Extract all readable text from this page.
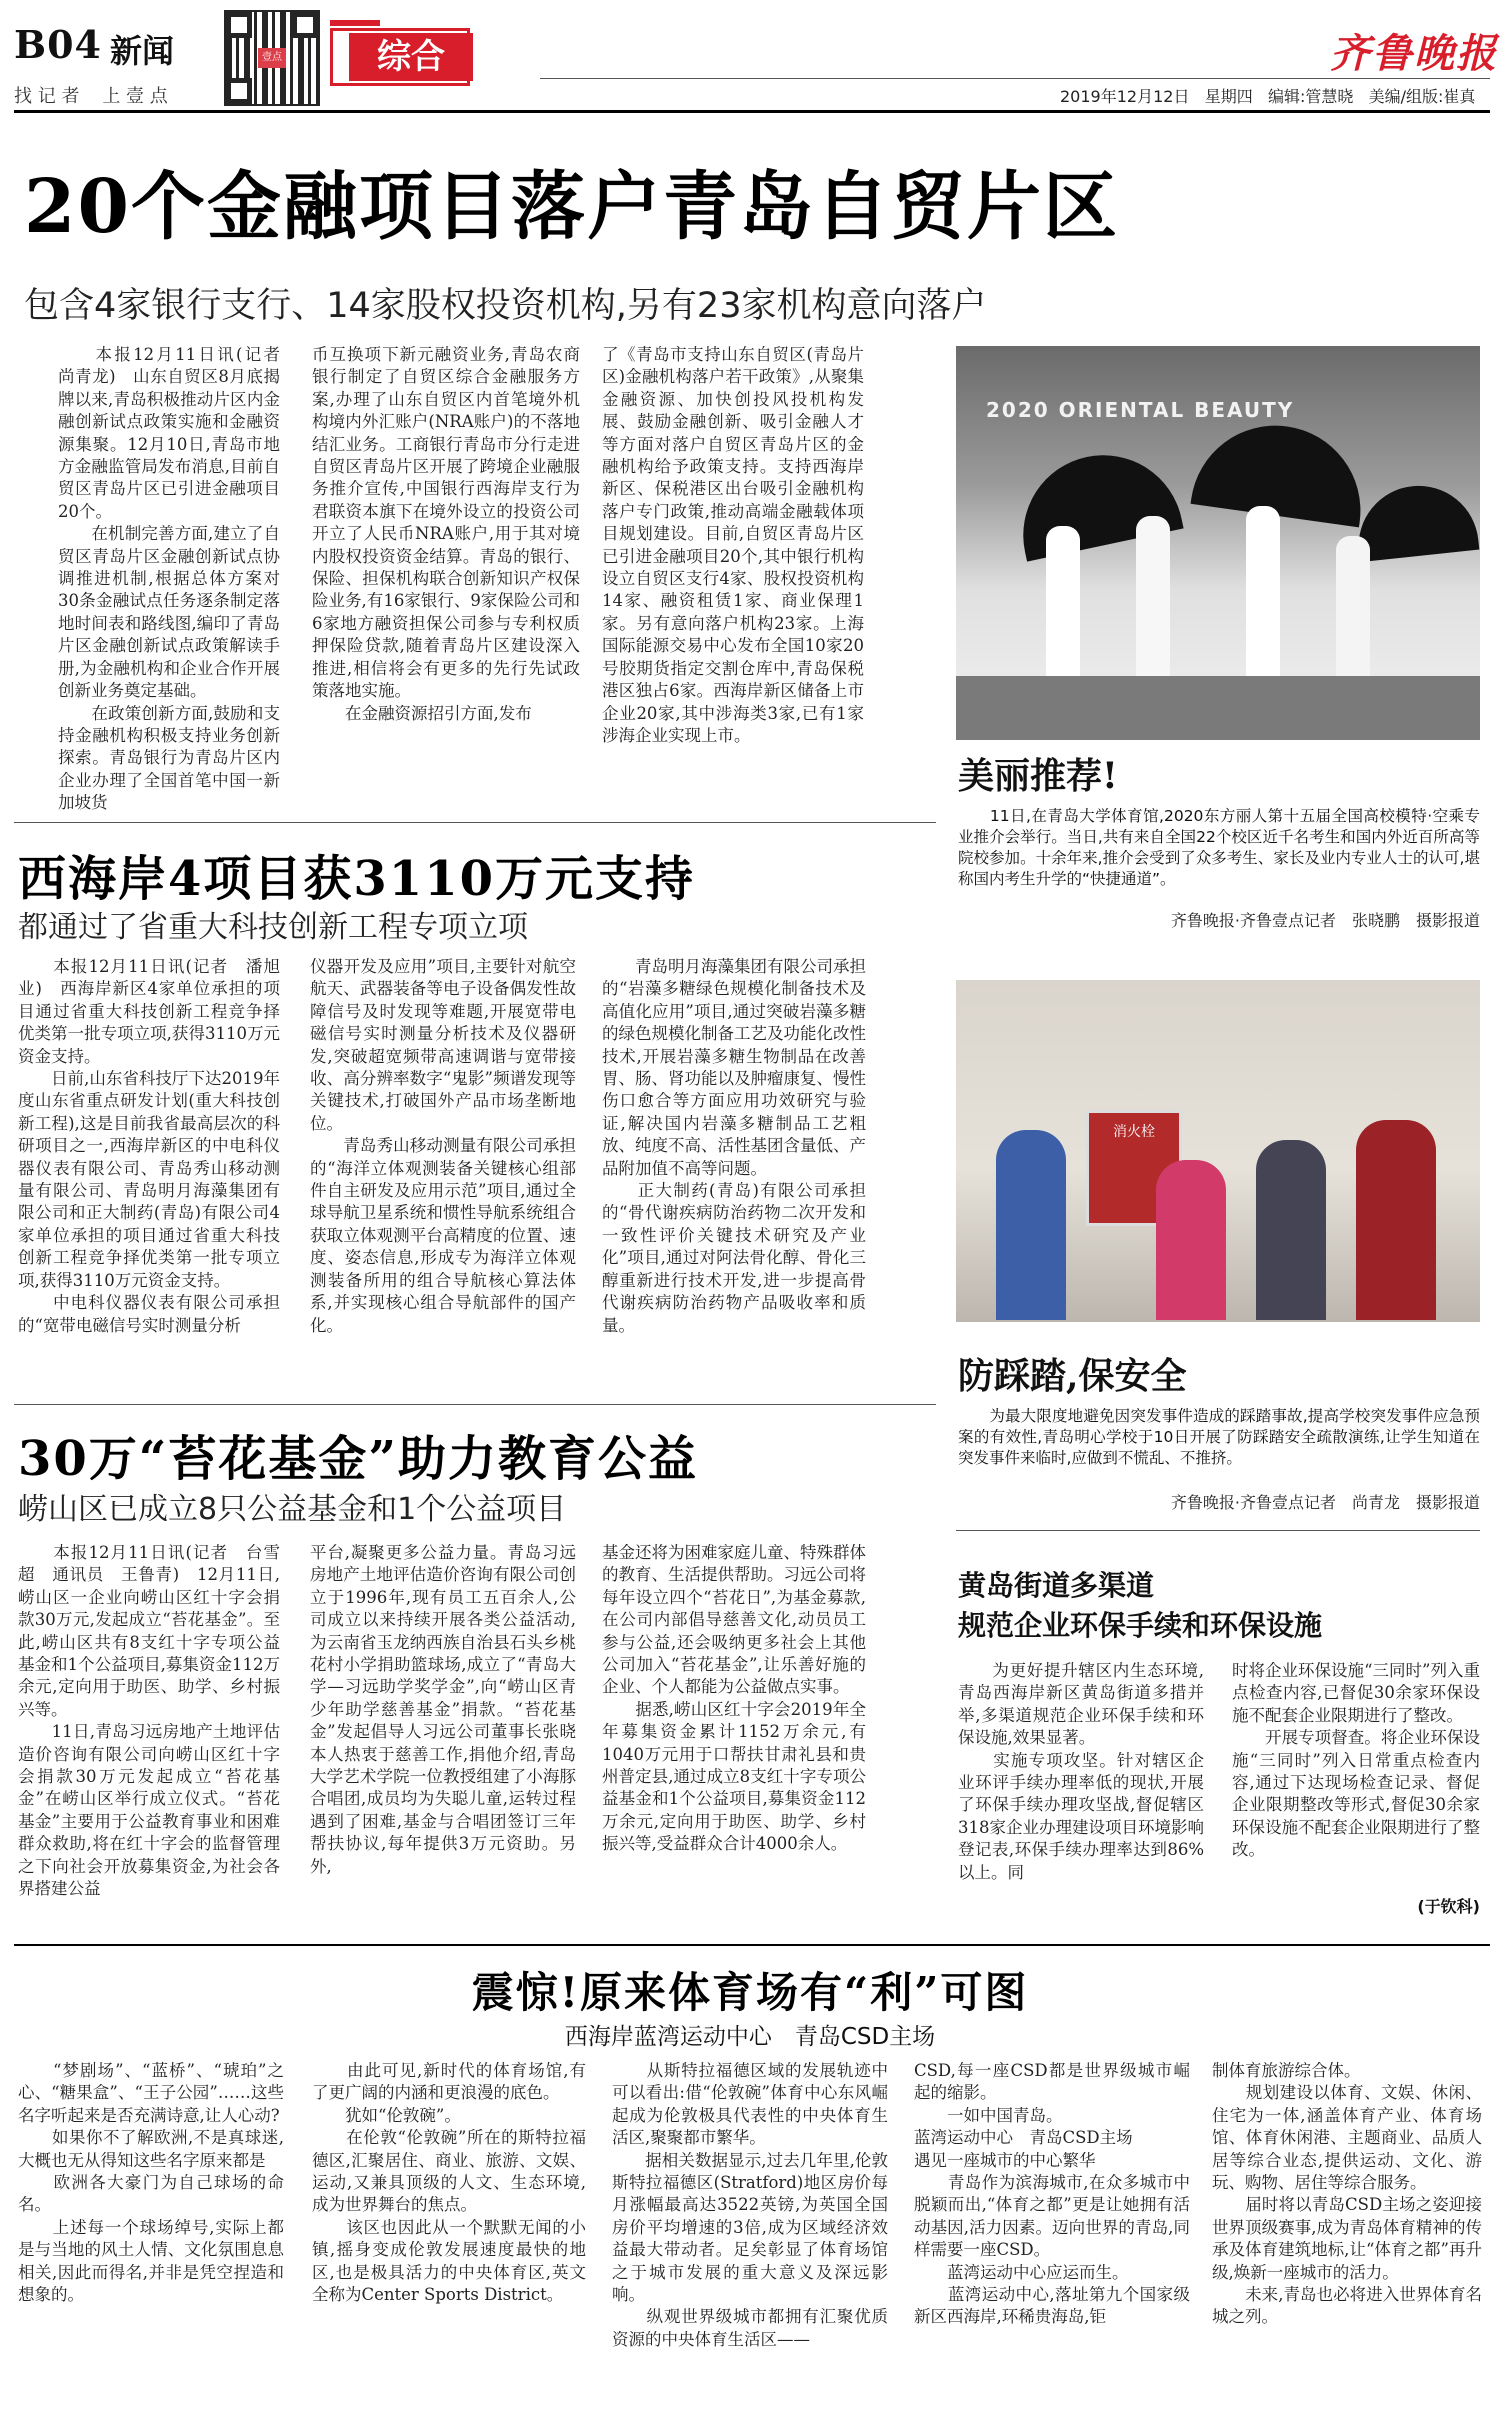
B04 新闻
找 记 者    上 壹 点
壹点	综合	齐鲁晚报
2019年12月12日   星期四   编辑:管慧晓   美编/组版:崔真
20个金融项目落户青岛自贸片区
包含4家银行支行、14家股权投资机构,另有23家机构意向落户
　　本报12月11日讯(记者　尚青龙)　山东自贸区8月底揭牌以来,青岛积极推动片区内金融创新试点政策实施和金融资源集聚。12月10日,青岛市地方金融监管局发布消息,目前自贸区青岛片区已引进金融项目20个。
　　在机制完善方面,建立了自贸区青岛片区金融创新试点协调推进机制,根据总体方案对30条金融试点任务逐条制定落地时间表和路线图,编印了青岛片区金融创新试点政策解读手册,为金融机构和企业合作开展创新业务奠定基础。
　　在政策创新方面,鼓励和支持金融机构积极支持业务创新探索。青岛银行为青岛片区内企业办理了全国首笔中国一新加坡货
币互换项下新元融资业务,青岛农商银行制定了自贸区综合金融服务方案,办理了山东自贸区内首笔境外机构境内外汇账户(NRA账户)的不落地结汇业务。工商银行青岛市分行走进自贸区青岛片区开展了跨境企业融服务推介宣传,中国银行西海岸支行为君联资本旗下在境外设立的投资公司开立了人民币NRA账户,用于其对境内股权投资资金结算。青岛的银行、保险、担保机构联合创新知识产权保险业务,有16家银行、9家保险公司和6家地方融资担保公司参与专利权质押保险贷款,随着青岛片区建设深入推进,相信将会有更多的先行先试政策落地实施。
　　在金融资源招引方面,发布
了《青岛市支持山东自贸区(青岛片区)金融机构落户若干政策》,从聚集金融资源、加快创投风投机构发展、鼓励金融创新、吸引金融人才等方面对落户自贸区青岛片区的金融机构给予政策支持。支持西海岸新区、保税港区出台吸引金融机构落户专门政策,推动高端金融载体项目规划建设。目前,自贸区青岛片区已引进金融项目20个,其中银行机构设立自贸区支行4家、股权投资机构14家、融资租赁1家、商业保理1家。另有意向落户机构23家。上海国际能源交易中心发布全国10家20号胶期货指定交割仓库中,青岛保税港区独占6家。西海岸新区储备上市企业20家,其中涉海类3家,已有1家涉海企业实现上市。
2020 ORIENTAL BEAUTY
美丽推荐!
　　11日,在青岛大学体育馆,2020东方丽人第十五届全国高校模特·空乘专业推介会举行。当日,共有来自全国22个校区近千名考生和国内外近百所高等院校参加。十余年来,推介会受到了众多考生、家长及业内专业人士的认可,堪称国内考生升学的“快捷通道”。
齐鲁晚报·齐鲁壹点记者　张晓鹏　摄影报道
西海岸4项目获3110万元支持
都通过了省重大科技创新工程专项立项
　　本报12月11日讯(记者　潘旭业)　西海岸新区4家单位承担的项目通过省重大科技创新工程竞争择优类第一批专项立项,获得3110万元资金支持。
　　日前,山东省科技厅下达2019年度山东省重点研发计划(重大科技创新工程),这是目前我省最高层次的科研项目之一,西海岸新区的中电科仪器仪表有限公司、青岛秀山移动测量有限公司、青岛明月海藻集团有限公司和正大制药(青岛)有限公司4家单位承担的项目通过省重大科技创新工程竞争择优类第一批专项立项,获得3110万元资金支持。
　　中电科仪器仪表有限公司承担的“宽带电磁信号实时测量分析
仪器开发及应用”项目,主要针对航空航天、武器装备等电子设备偶发性故障信号及时发现等难题,开展宽带电磁信号实时测量分析技术及仪器研发,突破超宽频带高速调谐与宽带接收、高分辨率数字“鬼影”频谱发现等关键技术,打破国外产品市场垄断地位。
　　青岛秀山移动测量有限公司承担的“海洋立体观测装备关键核心组部件自主研发及应用示范”项目,通过全球导航卫星系统和惯性导航系统组合获取立体观测平台高精度的位置、速度、姿态信息,形成专为海洋立体观测装备所用的组合导航核心算法体系,并实现核心组合导航部件的国产化。
　　青岛明月海藻集团有限公司承担的“岩藻多糖绿色规模化制备技术及高值化应用”项目,通过突破岩藻多糖的绿色规模化制备工艺及功能化改性技术,开展岩藻多糖生物制品在改善胃、肠、肾功能以及肿瘤康复、慢性伤口愈合等方面应用功效研究与验证,解决国内岩藻多糖制品工艺粗放、纯度不高、活性基团含量低、产品附加值不高等问题。
　　正大制药(青岛)有限公司承担的“骨代谢疾病防治药物二次开发和一致性评价关键技术研究及产业化”项目,通过对阿法骨化醇、骨化三醇重新进行技术开发,进一步提高骨代谢疾病防治药物产品吸收率和质量。
消火栓
防踩踏,保安全
　　为最大限度地避免因突发事件造成的踩踏事故,提高学校突发事件应急预案的有效性,青岛明心学校于10日开展了防踩踏安全疏散演练,让学生知道在突发事件来临时,应做到不慌乱、不推挤。
齐鲁晚报·齐鲁壹点记者　尚青龙　摄影报道
30万“苔花基金”助力教育公益
崂山区已成立8只公益基金和1个公益项目
　　本报12月11日讯(记者　台雪超　通讯员　王鲁青)　12月11日,崂山区一企业向崂山区红十字会捐款30万元,发起成立“苔花基金”。至此,崂山区共有8支红十字专项公益基金和1个公益项目,募集资金112万余元,定向用于助医、助学、乡村振兴等。
　　11日,青岛习远房地产土地评估造价咨询有限公司向崂山区红十字会捐款30万元发起成立“苔花基金”在崂山区举行成立仪式。“苔花基金”主要用于公益教育事业和困难群众救助,将在红十字会的监督管理之下向社会开放募集资金,为社会各界搭建公益
平台,凝聚更多公益力量。青岛习远房地产土地评估造价咨询有限公司创立于1996年,现有员工五百余人,公司成立以来持续开展各类公益活动,为云南省玉龙纳西族自治县石头乡桃花村小学捐助篮球场,成立了“青岛大学—习远助学奖学金”,向“崂山区青少年助学慈善基金”捐款。“苔花基金”发起倡导人习远公司董事长张晓本人热衷于慈善工作,捐他介绍,青岛大学艺术学院一位教授组建了小海豚合唱团,成员均为失聪儿童,运转过程遇到了困难,基金与合唱团签订三年帮扶协议,每年提供3万元资助。另外,
基金还将为困难家庭儿童、特殊群体的教育、生活提供帮助。习远公司将每年设立四个“苔花日”,为基金募款,在公司内部倡导慈善文化,动员员工参与公益,还会吸纳更多社会上其他公司加入“苔花基金”,让乐善好施的企业、个人都能为公益做点实事。
　　据悉,崂山区红十字会2019年全年募集资金累计1152万余元,有1040万元用于口帮扶甘肃礼县和贵州普定县,通过成立8支红十字专项公益基金和1个公益项目,募集资金112万余元,定向用于助医、助学、乡村振兴等,受益群众合计4000余人。
黄岛街道多渠道
规范企业环保手续和环保设施
　　为更好提升辖区内生态环境,青岛西海岸新区黄岛街道多措并举,多渠道规范企业环保手续和环保设施,效果显著。
　　实施专项攻坚。针对辖区企业环评手续办理率低的现状,开展了环保手续办理攻坚战,督促辖区318家企业办理建设项目环境影响登记表,环保手续办理率达到86%以上。同
时将企业环保设施“三同时”列入重点检查内容,已督促30余家环保设施不配套企业限期进行了整改。
　　开展专项督查。将企业环保设施“三同时”列入日常重点检查内容,通过下达现场检查记录、督促企业限期整改等形式,督促30余家环保设施不配套企业限期进行了整改。
(于钦科)
震惊!原来体育场有“利”可图
西海岸蓝湾运动中心　青岛CSD主场
　　“梦剧场”、“蓝桥”、“琥珀”之心、“糖果盒”、“王子公园”……这些名字听起来是否充满诗意,让人心动?
　　如果你不了解欧洲,不是真球迷,大概也无从得知这些名字原来都是
　　欧洲各大豪门为自己球场的命名。
　　上述每一个球场绰号,实际上都是与当地的风土人情、文化氛围息息相关,因此而得名,并非是凭空捏造和想象的。
　　由此可见,新时代的体育场馆,有了更广阔的内涵和更浪漫的底色。
　　犹如“伦敦碗”。
　　在伦敦“伦敦碗”所在的斯特拉福德区,汇聚居住、商业、旅游、文娱、运动,又兼具顶级的人文、生态环境,成为世界舞台的焦点。
　　该区也因此从一个默默无闻的小镇,摇身变成伦敦发展速度最快的地区,也是极具活力的中央体育区,英文全称为Center Sports District。
　　从斯特拉福德区域的发展轨迹中可以看出:借“伦敦碗”体育中心东风崛起成为伦敦极具代表性的中央体育生活区,聚聚都市繁华。
　　据相关数据显示,过去几年里,伦敦斯特拉福德区(Stratford)地区房价每月涨幅最高达3522英镑,为英国全国房价平均增速的3倍,成为区域经济效益最大带动者。足矣彰显了体育场馆之于城市发展的重大意义及深远影响。
　　纵观世界级城市都拥有汇聚优质资源的中央体育生活区——
CSD,每一座CSD都是世界级城市崛起的缩影。
　　一如中国青岛。
蓝湾运动中心　青岛CSD主场
遇见一座城市的中心繁华
　　青岛作为滨海城市,在众多城市中脱颖而出,“体育之都”更是让她拥有活动基因,活力因素。迈向世界的青岛,同样需要一座CSD。
　　蓝湾运动中心应运而生。
　　蓝湾运动中心,落址第九个国家级新区西海岸,环稀贵海岛,钜
制体育旅游综合体。
　　规划建设以体育、文娱、休闲、住宅为一体,涵盖体育产业、体育场馆、体育休闲港、主题商业、品质人居等综合业态,提供运动、文化、游玩、购物、居住等综合服务。
　　届时将以青岛CSD主场之姿迎接世界顶级赛事,成为青岛体育精神的传承及体育建筑地标,让“体育之都”再升级,焕新一座城市的活力。
　　未来,青岛也必将进入世界体育名城之列。
